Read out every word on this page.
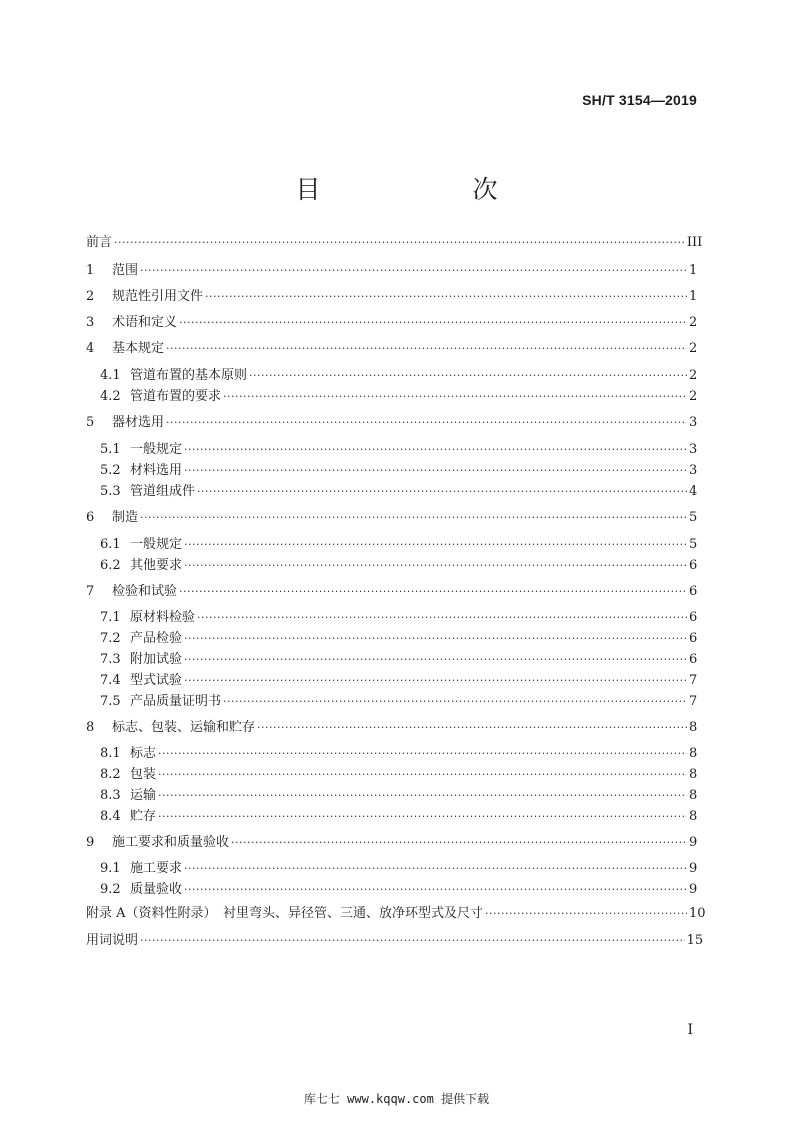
SH/T 3154—2019
目　　次
前言 ·····	III
1	范围 ·····	1
2	规范性引用文件 ·····	1
3	术语和定义 ·····	2
4	基本规定 ·····	2
4.1 管道布置的基本原则 ·····	2
4.2 管道布置的要求 ·····	2
5	器材选用 ·····	3
5.1 一般规定 ·····	3
5.2 材料选用 ·····	3
5.3 管道组成件 ·····	4
6	制造 ·····	5
6.1 一般规定 ·····	5
6.2 其他要求 ·····	6
7	检验和试验 ·····	6
7.1 原材料检验 ·····	6
7.2 产品检验 ·····	6
7.3 附加试验 ·····	6
7.4 型式试验 ·····	7
7.5 产品质量证明书 ·····	7
8	标志、包装、运输和贮存 ·····	8
8.1 标志 ·····	8
8.2 包装 ·····	8
8.3 运输 ·····	8
8.4 贮存 ·····	8
9	施工要求和质量验收 ·····	9
9.1 施工要求 ·····	9
9.2 质量验收 ·····	9
附录 A（资料性附录）　衬里弯头、异径管、三通、放净环型式及尺寸 ·····	10
用词说明 ·····	15
I
库七七 www.kqqw.com 提供下载
